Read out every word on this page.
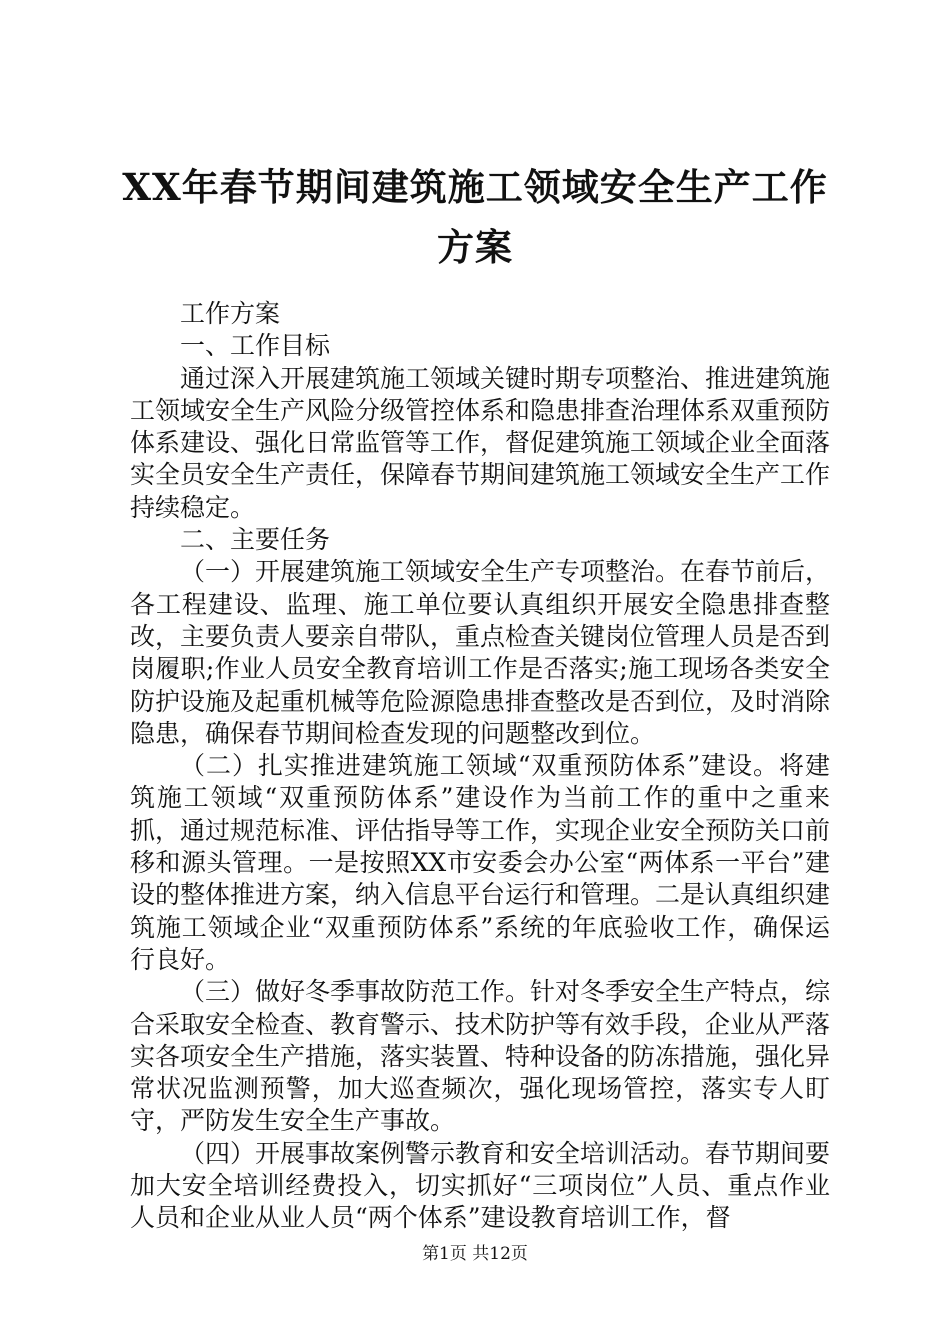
XX年春节期间建筑施工领域安全生产工作方案

工作方案

一、工作目标

通过深入开展建筑施工领域关键时期专项整治、推进建筑施工领域安全生产风险分级管控体系和隐患排查治理体系双重预防体系建设、强化日常监管等工作，督促建筑施工领域企业全面落实全员安全生产责任，保障春节期间建筑施工领域安全生产工作持续稳定。

二、主要任务

（一）开展建筑施工领域安全生产专项整治。在春节前后，各工程建设、监理、施工单位要认真组织开展安全隐患排查整改，主要负责人要亲自带队，重点检查关键岗位管理人员是否到岗履职;作业人员安全教育培训工作是否落实;施工现场各类安全防护设施及起重机械等危险源隐患排查整改是否到位，及时消除隐患，确保春节期间检查发现的问题整改到位。

（二）扎实推进建筑施工领域“双重预防体系”建设。将建筑施工领域“双重预防体系”建设作为当前工作的重中之重来抓，通过规范标准、评估指导等工作，实现企业安全预防关口前移和源头管理。一是按照XX市安委会办公室“两体系一平台”建设的整体推进方案，纳入信息平台运行和管理。二是认真组织建筑施工领域企业“双重预防体系”系统的年底验收工作，确保运行良好。

（三）做好冬季事故防范工作。针对冬季安全生产特点，综合采取安全检查、教育警示、技术防护等有效手段，企业从严落实各项安全生产措施，落实装置、特种设备的防冻措施，强化异常状况监测预警，加大巡查频次，强化现场管控，落实专人盯守，严防发生安全生产事故。

（四）开展事故案例警示教育和安全培训活动。春节期间要加大安全培训经费投入，切实抓好“三项岗位”人员、重点作业人员和企业从业人员“两个体系”建设教育培训工作，督

第1页 共12页
